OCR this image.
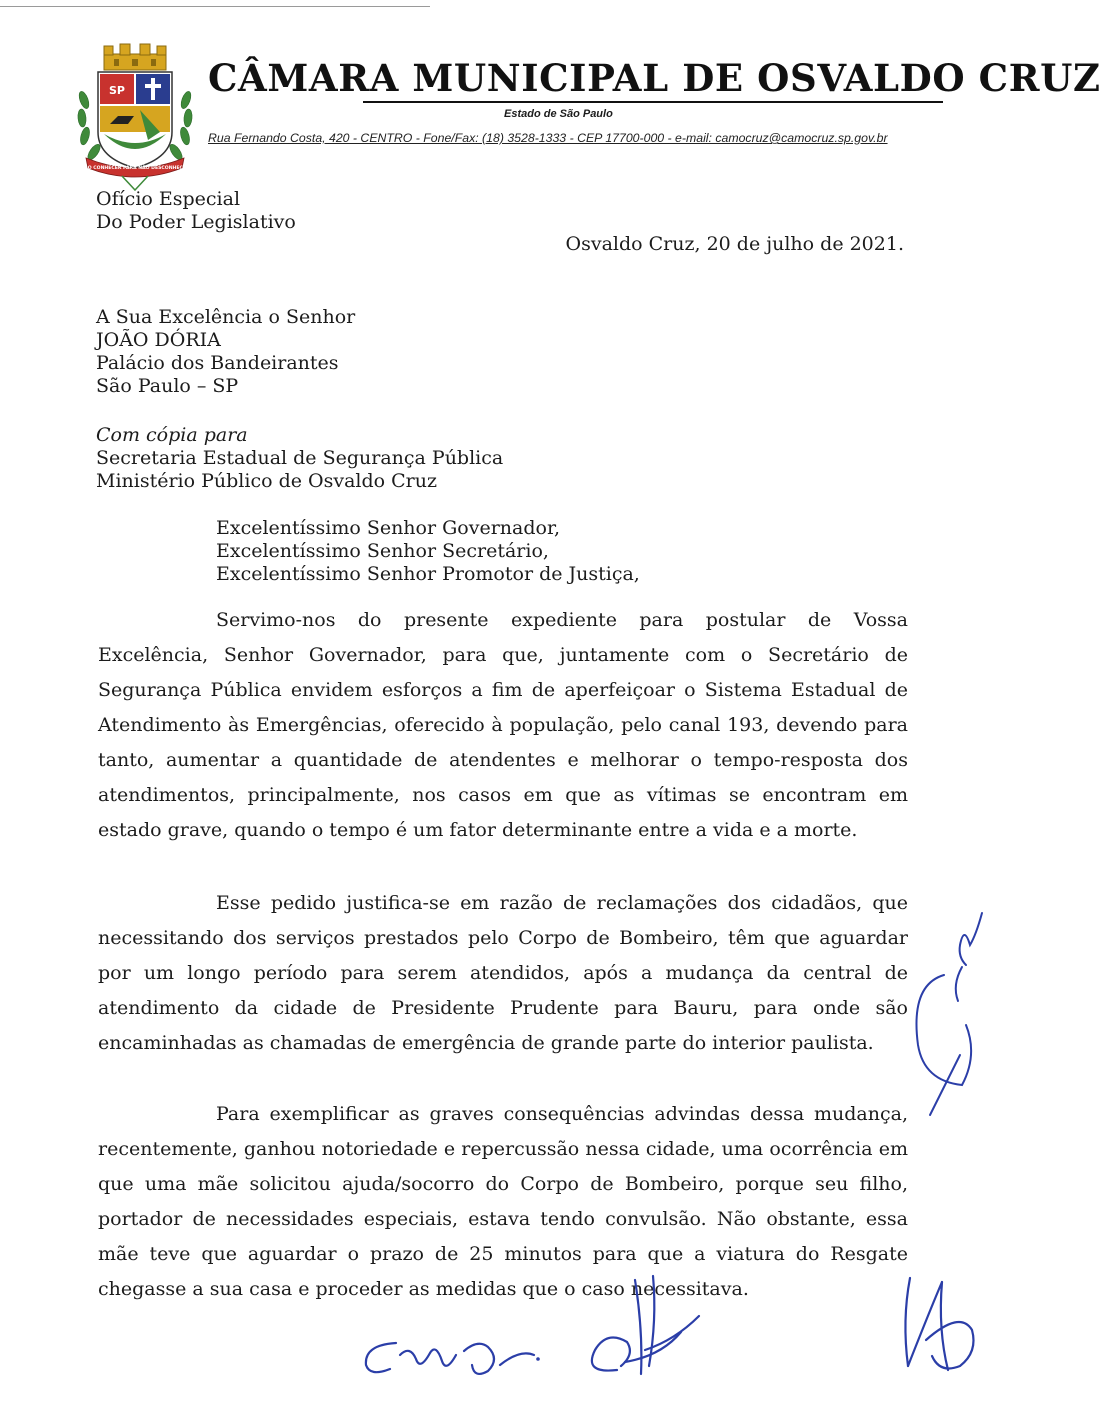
SP
NÃO CONHECER PARA NÃO DESCONHECER
CÂMARA MUNICIPAL DE OSVALDO CRUZ
Estado de São Paulo
Rua Fernando Costa, 420 - CENTRO - Fone/Fax: (18) 3528-1333 - CEP 17700-000 - e-mail: camocruz@camocruz.sp.gov.br
Ofício Especial
Do Poder Legislativo
Osvaldo Cruz, 20 de julho de 2021.
A Sua Excelência o Senhor
JOÃO DÓRIA
Palácio dos Bandeirantes
São Paulo – SP
Com cópia para
Secretaria Estadual de Segurança Pública
Ministério Público de Osvaldo Cruz
Excelentíssimo Senhor Governador,
Excelentíssimo Senhor Secretário,
Excelentíssimo Senhor Promotor de Justiça,

Servimo-nos do presente expediente para postular de Vossa Excelência, Senhor Governador, para que, juntamente com o Secretário de Segurança Pública envidem esforços a fim de aperfeiçoar o Sistema Estadual de Atendimento às Emergências, oferecido à população, pelo canal 193, devendo para tanto, aumentar a quantidade de atendentes e melhorar o tempo-resposta dos atendimentos, principalmente, nos casos em que as vítimas se encontram em estado grave, quando o tempo é um fator determinante entre a vida e a morte.

Esse pedido justifica-se em razão de reclamações dos cidadãos, que necessitando dos serviços prestados pelo Corpo de Bombeiro, têm que aguardar por um longo período para serem atendidos, após a mudança da central de atendimento da cidade de Presidente Prudente para Bauru, para onde são encaminhadas as chamadas de emergência de grande parte do interior paulista.

Para exemplificar as graves consequências advindas dessa mudança, recentemente, ganhou notoriedade e repercussão nessa cidade, uma ocorrência em que uma mãe solicitou ajuda/socorro do Corpo de Bombeiro, porque seu filho, portador de necessidades especiais, estava tendo convulsão. Não obstante, essa mãe teve que aguardar o prazo de 25 minutos para que a viatura do Resgate chegasse a sua casa e proceder as medidas que o caso necessitava.
